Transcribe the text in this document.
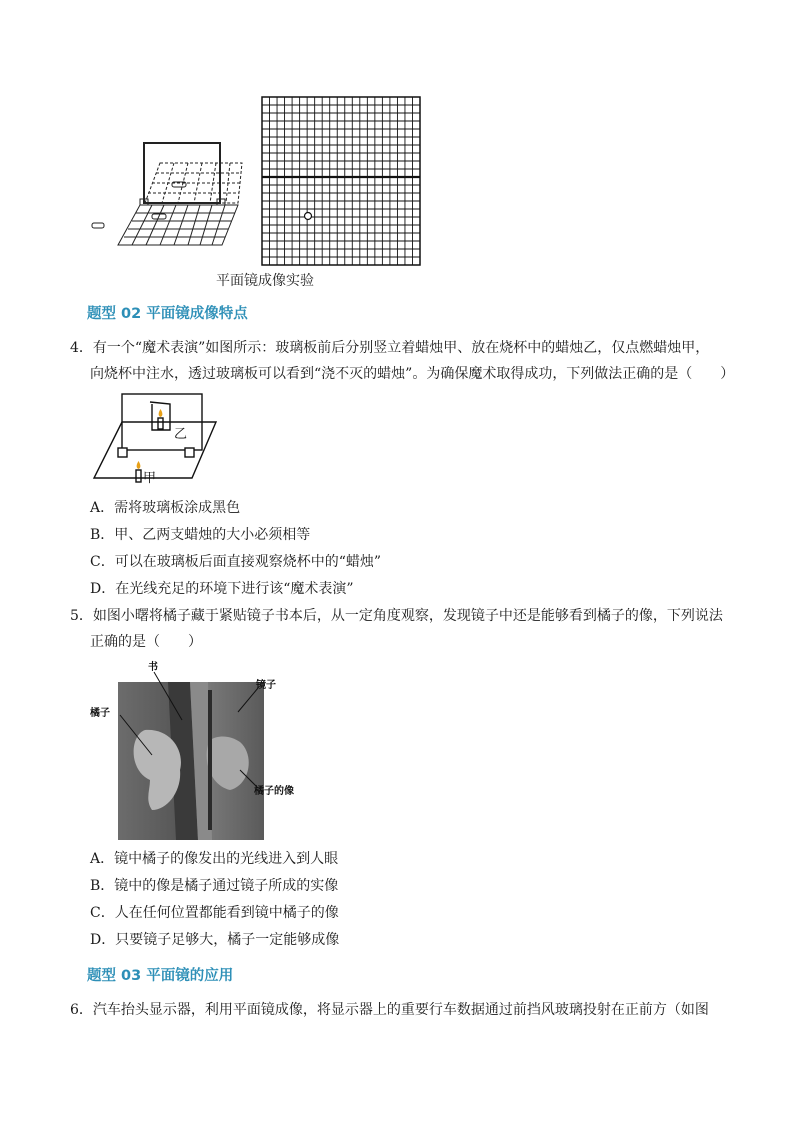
平面镜成像实验
题型 02 平面镜成像特点
4．有一个“魔术表演”如图所示：玻璃板前后分别竖立着蜡烛甲、放在烧杯中的蜡烛乙，仅点燃蜡烛甲，
向烧杯中注水，透过玻璃板可以看到“浇不灭的蜡烛”。为确保魔术取得成功，下列做法正确的是（　　）
乙
甲
A．需将玻璃板涂成黑色
B．甲、乙两支蜡烛的大小必须相等
C．可以在玻璃板后面直接观察烧杯中的“蜡烛”
D．在光线充足的环境下进行该“魔术表演”
5．如图小曙将橘子藏于紧贴镜子书本后，从一定角度观察，发现镜子中还是能够看到橘子的像，下列说法
正确的是（　　）
书
镜子
橘子
橘子的像
A．镜中橘子的像发出的光线进入到人眼
B．镜中的像是橘子通过镜子所成的实像
C．人在任何位置都能看到镜中橘子的像
D．只要镜子足够大，橘子一定能够成像
题型 03 平面镜的应用
6．汽车抬头显示器，利用平面镜成像，将显示器上的重要行车数据通过前挡风玻璃投射在正前方（如图
